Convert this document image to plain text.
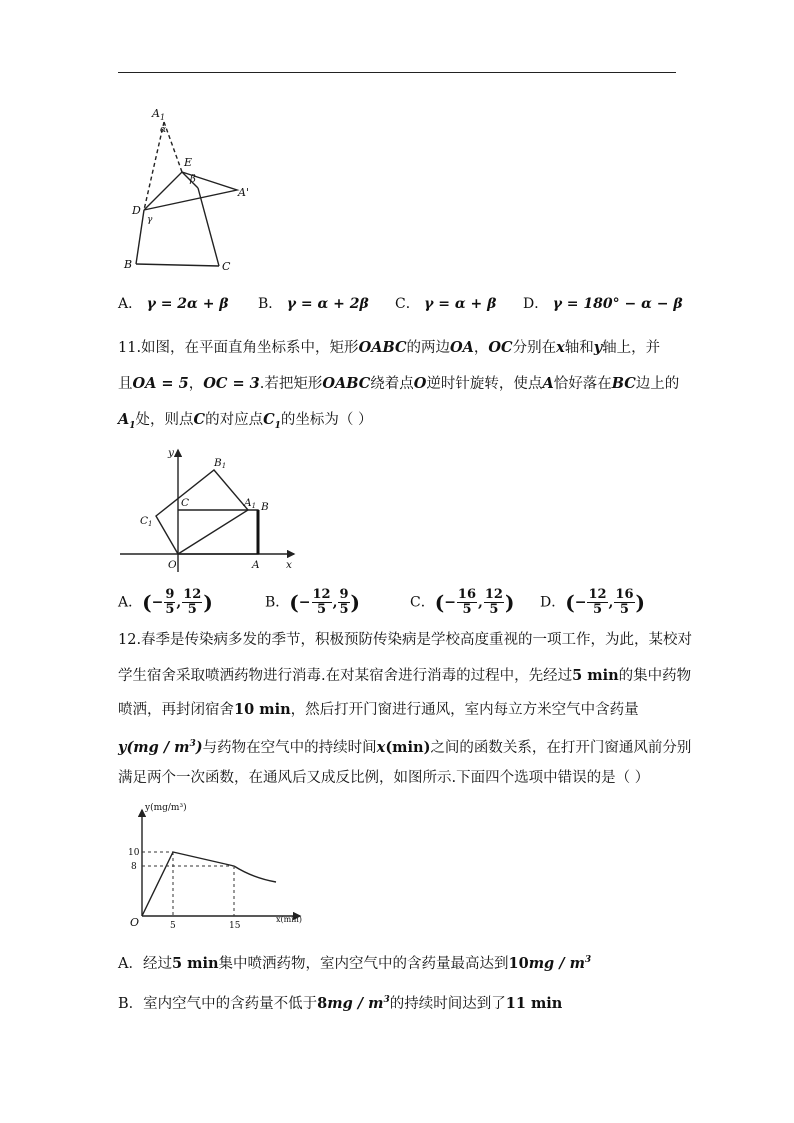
$A_1$
α
E
β
A'
D
γ
B	C
A． γ = 2α + β B． γ = α + 2β C． γ = α + β D． γ = 180° − α − β
11.如图，在平面直角坐标系中，矩形OABC的两边OA，OC分别在x轴和y轴上，并
且OA = 5，OC = 3.若把矩形OABC绕着点O逆时针旋转，使点A恰好落在BC边上的
$A_1$处，则点C的对应点$C_1$的坐标为（ ）
y
x
B1
C	A1 B
C1
O	A
A．(− $\frac{9}{5}$ , $\frac{12}{5}$ )	B．(− $\frac{12}{5}$ , $\frac{9}{5}$ )	C．(− $\frac{16}{5}$ , $\frac{12}{5}$ ) D．(− $\frac{12}{5}$ , $\frac{16}{5}$ )
12.春季是传染病多发的季节，积极预防传染病是学校高度重视的一项工作，为此，某校对
学生宿舍采取喷洒药物进行消毒.在对某宿舍进行消毒的过程中，先经过5 min的集中药物
喷洒，再封闭宿舍10 min，然后打开门窗进行通风，室内每立方米空气中含药量
$y(mg / m^3)$与药物在空气中的持续时间x(min)之间的函数关系，在打开门窗通风前分别
满足两个一次函数，在通风后又成反比例，如图所示.下面四个选项中错误的是（ ）
y(mg/m³)
10
8
O	5	15
x(min)
A．经过5 min集中喷洒药物，室内空气中的含药量最高达到$10mg / m^3$
B．室内空气中的含药量不低于$8mg / m^3$的持续时间达到了11 min
